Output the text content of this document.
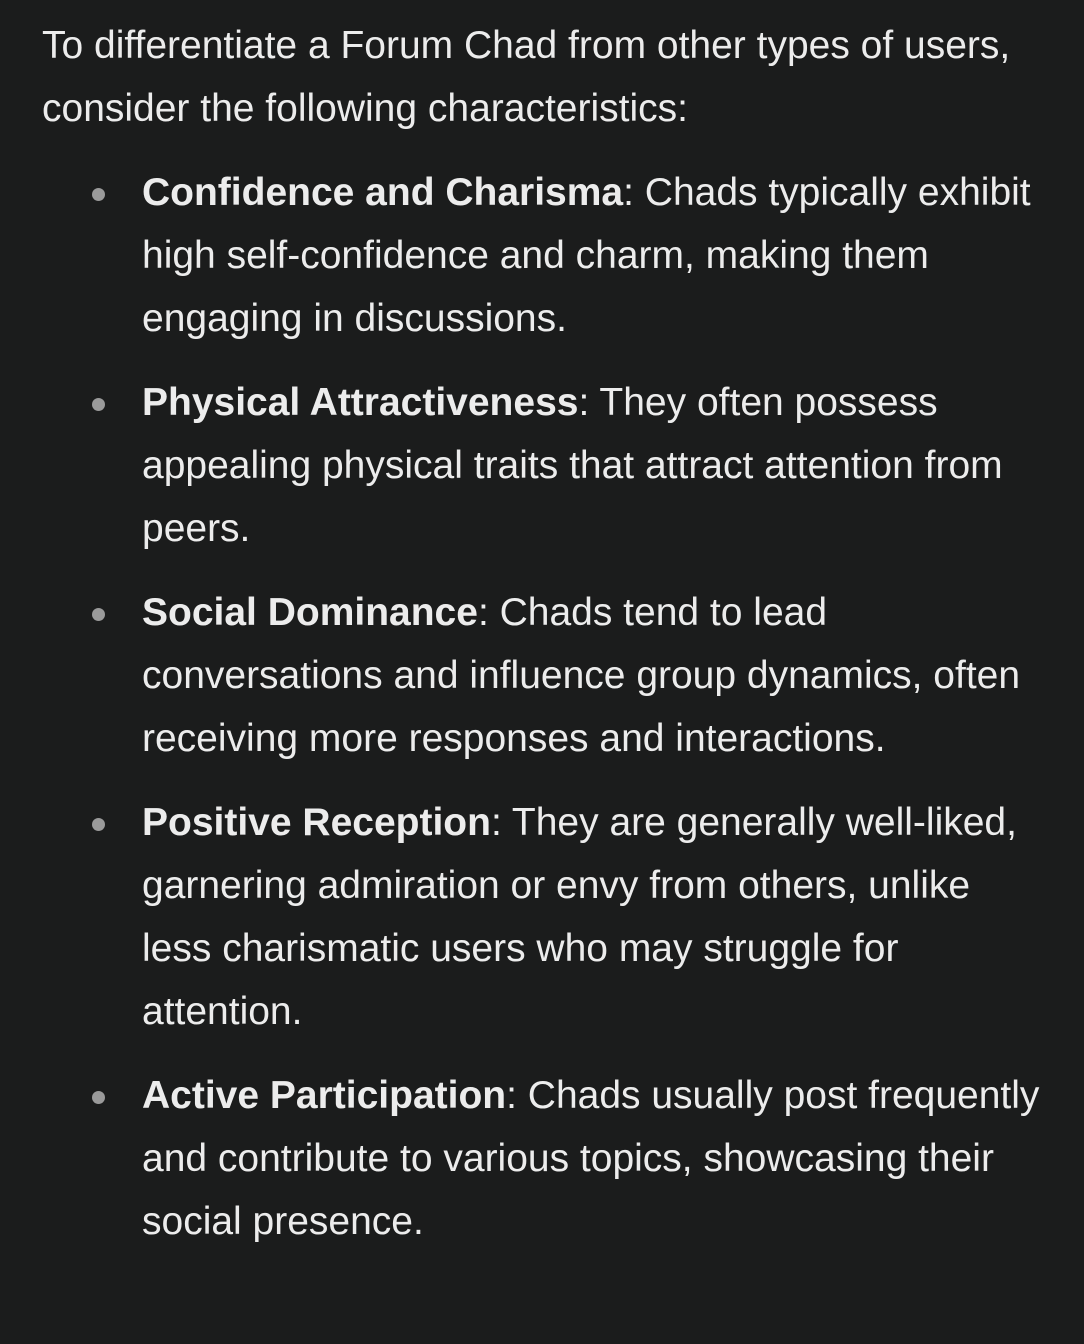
To differentiate a Forum Chad from other types of users, consider the following characteristics:

Confidence and Charisma: Chads typically exhibit high self-confidence and charm, making them engaging in discussions.
Physical Attractiveness: They often possess appealing physical traits that attract attention from peers.
Social Dominance: Chads tend to lead conversations and influence group dynamics, often receiving more responses and interactions.
Positive Reception: They are generally well-liked, garnering admiration or envy from others, unlike less charismatic users who may struggle for attention.
Active Participation: Chads usually post frequently and contribute to various topics, showcasing their social presence.
